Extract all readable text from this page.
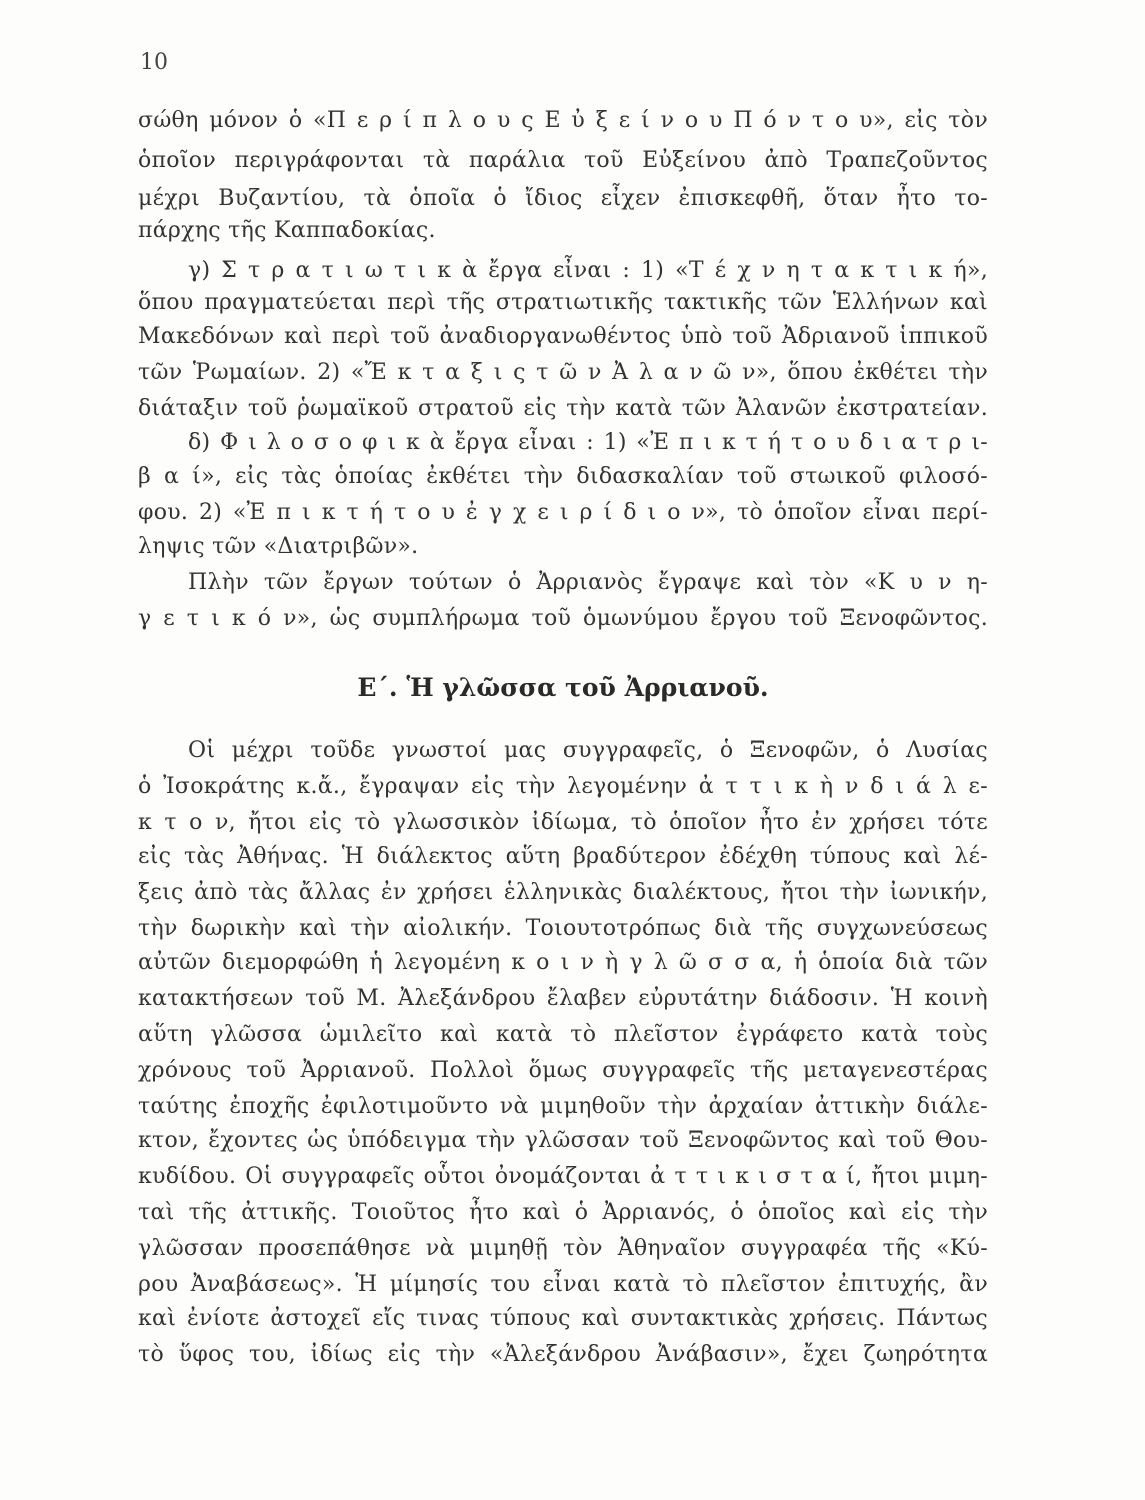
10
σώθη μόνον ὁ «Π ε ρ ί π λ ο υ ς Ε ὐ ξ ε ί ν ο υ Π ό ν τ ο υ», εἰς τὸν
ὁποῖον περιγράφονται τὰ παράλια τοῦ Εὐξείνου ἀπὸ Τραπεζοῦντος
μέχρι Βυζαντίου, τὰ ὁποῖα ὁ ἴδιος εἶχεν ἐπισκεφθῆ, ὅταν ἦτο το-
πάρχης τῆς Καππαδοκίας.
γ) Σ τ ρ α τ ι ω τ ι κ ὰ ἔργα εἶναι : 1) «Τ έ χ ν η τ α κ τ ι κ ή»,
ὅπου πραγματεύεται περὶ τῆς στρατιωτικῆς τακτικῆς τῶν Ἑλλήνων καὶ
Μακεδόνων καὶ περὶ τοῦ ἀναδιοργανωθέντος ὑπὸ τοῦ Ἀδριανοῦ ἱππικοῦ
τῶν Ῥωμαίων. 2) «Ἔ κ τ α ξ ι ς τ ῶ ν Ἀ λ α ν ῶ ν», ὅπου ἐκθέτει τὴν
διάταξιν τοῦ ῥωμαϊκοῦ στρατοῦ εἰς τὴν κατὰ τῶν Ἀλανῶν ἐκστρατείαν.
δ) Φ ι λ ο σ ο φ ι κ ὰ ἔργα εἶναι : 1) «Ἐ π ι κ τ ή τ ο υ δ ι α τ ρ ι-
β α ί», εἰς τὰς ὁποίας ἐκθέτει τὴν διδασκαλίαν τοῦ στωικοῦ φιλοσό-
φου. 2) «Ἐ π ι κ τ ή τ ο υ ἐ γ χ ε ι ρ ί δ ι ο ν», τὸ ὁποῖον εἶναι περί-
ληψις τῶν «Διατριβῶν».
Πλὴν τῶν ἔργων τούτων ὁ Ἀρριανὸς ἔγραψε καὶ τὸν «Κ υ ν η-
γ ε τ ι κ ό ν», ὡς συμπλήρωμα τοῦ ὁμωνύμου ἔργου τοῦ Ξενοφῶντος.
Ε΄. Ἡ γλῶσσα τοῦ Ἀρριανοῦ.
Οἱ μέχρι τοῦδε γνωστοί μας συγγραφεῖς, ὁ Ξενοφῶν, ὁ Λυσίας
ὁ Ἰσοκράτης κ.ἄ., ἔγραψαν εἰς τὴν λεγομένην ἀ τ τ ι κ ὴ ν δ ι ά λ ε-
κ τ ο ν, ἤτοι εἰς τὸ γλωσσικὸν ἰδίωμα, τὸ ὁποῖον ἦτο ἐν χρήσει τότε
εἰς τὰς Ἀθήνας. Ἡ διάλεκτος αὕτη βραδύτερον ἐδέχθη τύπους καὶ λέ-
ξεις ἀπὸ τὰς ἄλλας ἐν χρήσει ἑλληνικὰς διαλέκτους, ἤτοι τὴν ἰωνικήν,
τὴν δωρικὴν καὶ τὴν αἰολικήν. Τοιουτοτρόπως διὰ τῆς συγχωνεύσεως
αὐτῶν διεμορφώθη ἡ λεγομένη κ ο ι ν ὴ γ λ ῶ σ σ α, ἡ ὁποία διὰ τῶν
κατακτήσεων τοῦ Μ. Ἀλεξάνδρου ἔλαβεν εὐρυτάτην διάδοσιν. Ἡ κοινὴ
αὕτη γλῶσσα ὡμιλεῖτο καὶ κατὰ τὸ πλεῖστον ἐγράφετο κατὰ τοὺς
χρόνους τοῦ Ἀρριανοῦ. Πολλοὶ ὅμως συγγραφεῖς τῆς μεταγενεστέρας
ταύτης ἐποχῆς ἐφιλοτιμοῦντο νὰ μιμηθοῦν τὴν ἀρχαίαν ἀττικὴν διάλε-
κτον, ἔχοντες ὡς ὑπόδειγμα τὴν γλῶσσαν τοῦ Ξενοφῶντος καὶ τοῦ Θου-
κυδίδου. Οἱ συγγραφεῖς οὗτοι ὀνομάζονται ἀ τ τ ι κ ι σ τ α ί, ἤτοι μιμη-
ταὶ τῆς ἀττικῆς. Τοιοῦτος ἦτο καὶ ὁ Ἀρριανός, ὁ ὁποῖος καὶ εἰς τὴν
γλῶσσαν προσεπάθησε νὰ μιμηθῇ τὸν Ἀθηναῖον συγγραφέα τῆς «Κύ-
ρου Ἀναβάσεως». Ἡ μίμησίς του εἶναι κατὰ τὸ πλεῖστον ἐπιτυχής, ἂν
καὶ ἐνίοτε ἀστοχεῖ εἴς τινας τύπους καὶ συντακτικὰς χρήσεις. Πάντως
τὸ ὕφος του, ἰδίως εἰς τὴν «Ἀλεξάνδρου Ἀνάβασιν», ἔχει ζωηρότητα
